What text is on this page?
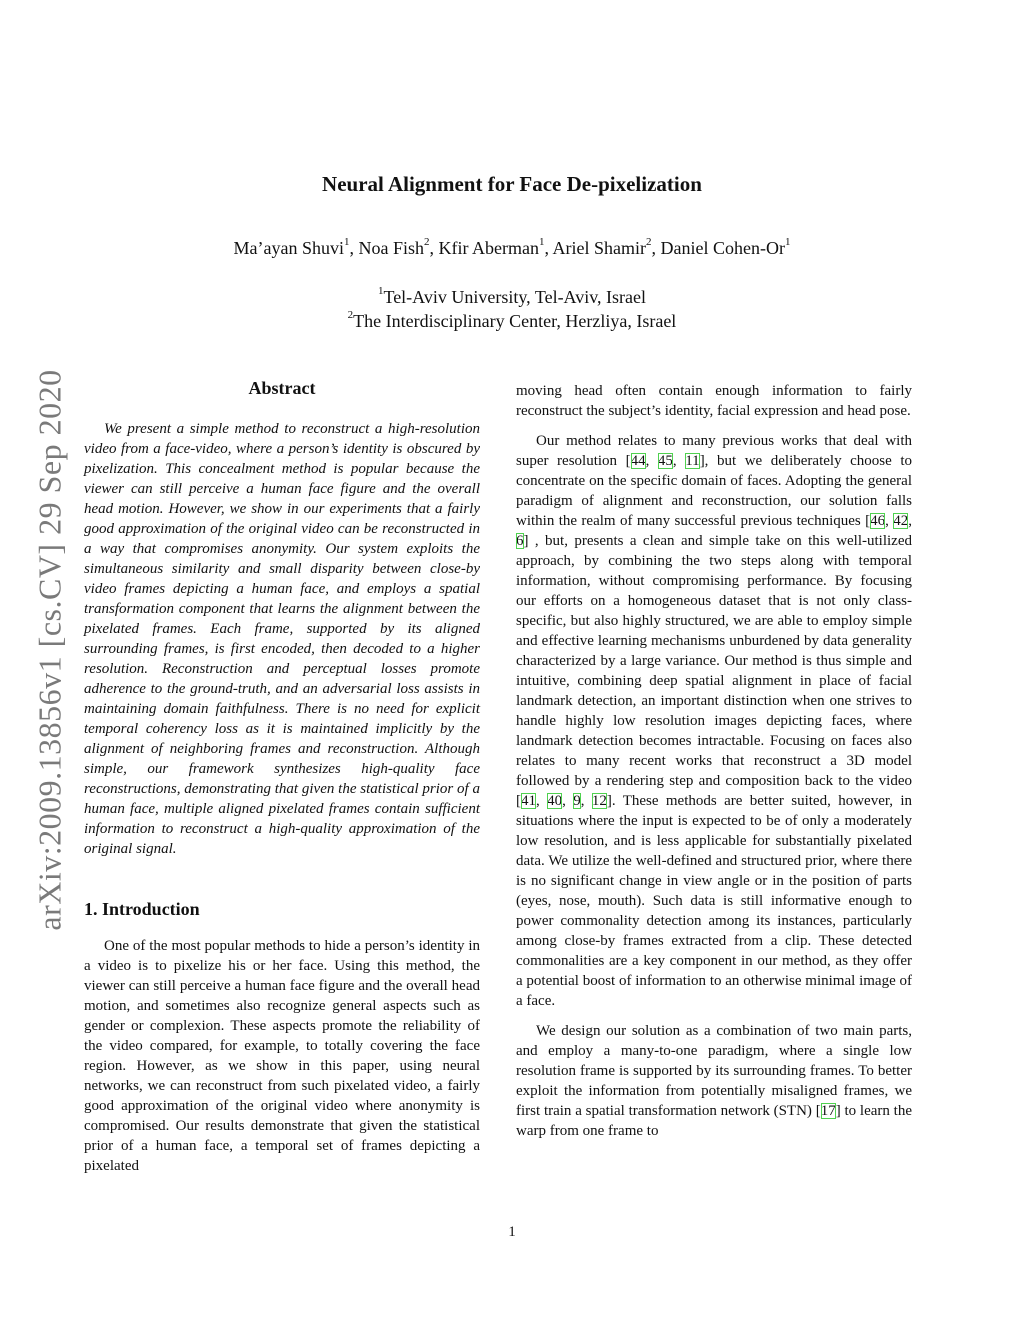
arXiv:2009.13856v1 [cs.CV] 29 Sep 2020
Neural Alignment for Face De-pixelization
Ma’ayan Shuvi$^1$, Noa Fish$^2$, Kfir Aberman$^1$, Ariel Shamir$^2$, Daniel Cohen-Or$^1$
$^1$Tel-Aviv University, Tel-Aviv, Israel
$^2$The Interdisciplinary Center, Herzliya, Israel
Abstract

We present a simple method to reconstruct a high-resolution video from a face-video, where a person’s identity is obscured by pixelization. This concealment method is popular because the viewer can still perceive a human face figure and the overall head motion. However, we show in our experiments that a fairly good approximation of the original video can be reconstructed in a way that compromises anonymity. Our system exploits the simultaneous similarity and small disparity between close-by video frames depicting a human face, and employs a spatial transformation component that learns the alignment between the pixelated frames. Each frame, supported by its aligned surrounding frames, is first encoded, then decoded to a higher resolution. Reconstruction and perceptual losses promote adherence to the ground-truth, and an adversarial loss assists in maintaining domain faithfulness. There is no need for explicit temporal coherency loss as it is maintained implicitly by the alignment of neighboring frames and reconstruction. Although simple, our framework synthesizes high-quality face reconstructions, demonstrating that given the statistical prior of a human face, multiple aligned pixelated frames contain sufficient information to reconstruct a high-quality approximation of the original signal.

1. Introduction

One of the most popular methods to hide a person’s identity in a video is to pixelize his or her face. Using this method, the viewer can still perceive a human face figure and the overall head motion, and sometimes also recognize general aspects such as gender or complexion. These aspects promote the reliability of the video compared, for example, to totally covering the face region. However, as we show in this paper, using neural networks, we can reconstruct from such pixelated video, a fairly good approximation of the original video where anonymity is compromised. Our results demonstrate that given the statistical prior of a human face, a temporal set of frames depicting a pixelated

moving head often contain enough information to fairly reconstruct the subject’s identity, facial expression and head pose.

Our method relates to many previous works that deal with super resolution [44, 45, 11], but we deliberately choose to concentrate on the specific domain of faces. Adopting the general paradigm of alignment and reconstruction, our solution falls within the realm of many successful previous techniques [46, 42, 6] , but, presents a clean and simple take on this well-utilized approach, by combining the two steps along with temporal information, without compromising performance. By focusing our efforts on a homogeneous dataset that is not only class-specific, but also highly structured, we are able to employ simple and effective learning mechanisms unburdened by data generality characterized by a large variance. Our method is thus simple and intuitive, combining deep spatial alignment in place of facial landmark detection, an important distinction when one strives to handle highly low resolution images depicting faces, where landmark detection becomes intractable. Focusing on faces also relates to many recent works that reconstruct a 3D model followed by a rendering step and composition back to the video [41, 40, 9, 12]. These methods are better suited, however, in situations where the input is expected to be of only a moderately low resolution, and is less applicable for substantially pixelated data. We utilize the well-defined and structured prior, where there is no significant change in view angle or in the position of parts (eyes, nose, mouth). Such data is still informative enough to power commonality detection among its instances, particularly among close-by frames extracted from a clip. These detected commonalities are a key component in our method, as they offer a potential boost of information to an otherwise minimal image of a face.

We design our solution as a combination of two main parts, and employ a many-to-one paradigm, where a single low resolution frame is supported by its surrounding frames. To better exploit the information from potentially misaligned frames, we first train a spatial transformation network (STN) [17] to learn the warp from one frame to

1
